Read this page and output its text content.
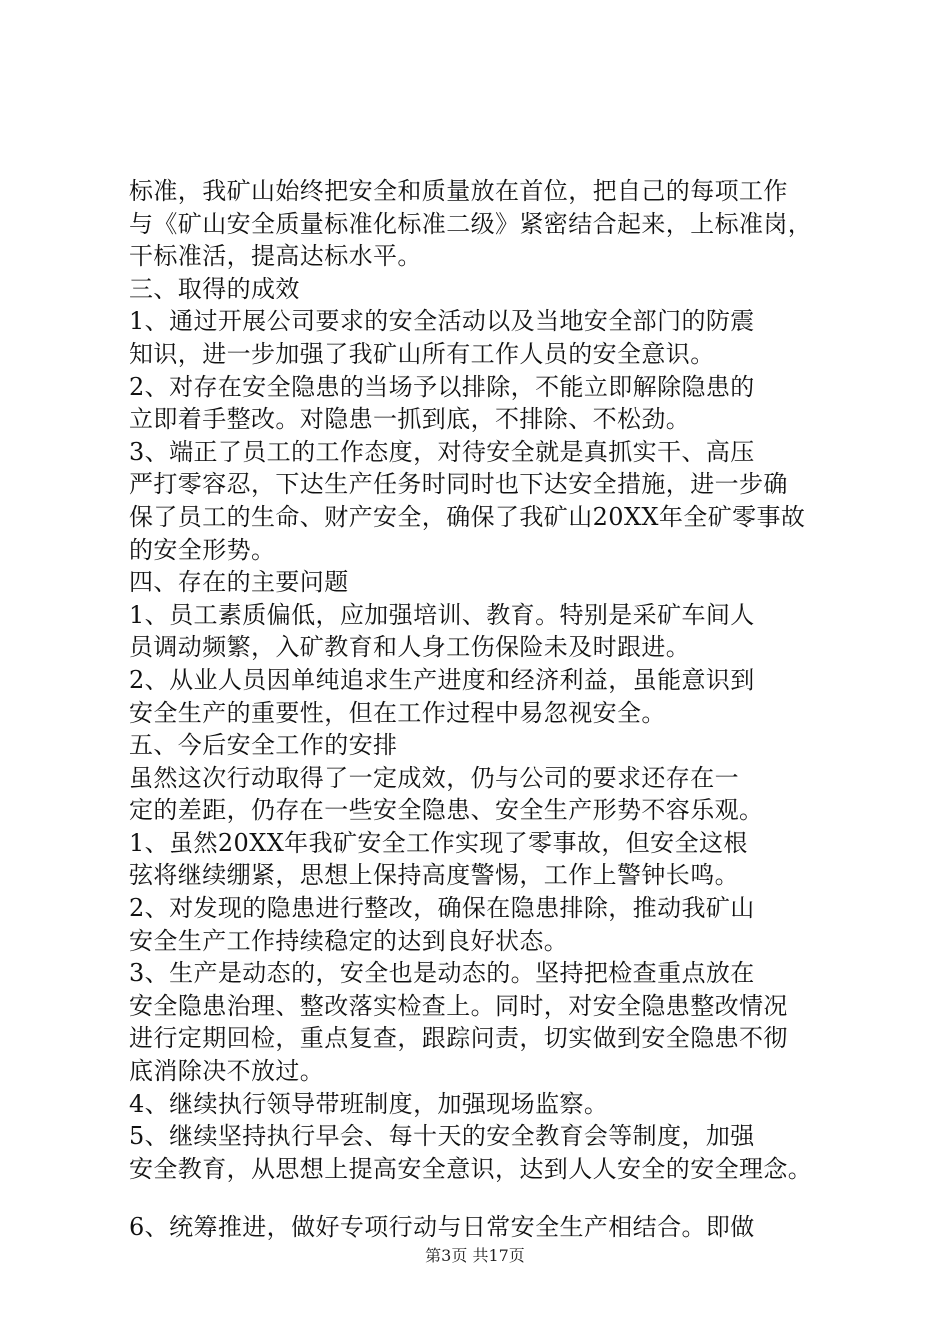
标准，我矿山始终把安全和质量放在首位，把自己的每项工作
与《矿山安全质量标准化标准二级》紧密结合起来，上标准岗，
干标准活，提高达标水平。
三、取得的成效
1、通过开展公司要求的安全活动以及当地安全部门的防震
知识，进一步加强了我矿山所有工作人员的安全意识。
2、对存在安全隐患的当场予以排除，不能立即解除隐患的
立即着手整改。对隐患一抓到底，不排除、不松劲。
3、端正了员工的工作态度，对待安全就是真抓实干、高压
严打零容忍，下达生产任务时同时也下达安全措施，进一步确
保了员工的生命、财产安全，确保了我矿山20XX年全矿零事故
的安全形势。
四、存在的主要问题
1、员工素质偏低，应加强培训、教育。特别是采矿车间人
员调动频繁，入矿教育和人身工伤保险未及时跟进。
2、从业人员因单纯追求生产进度和经济利益，虽能意识到
安全生产的重要性，但在工作过程中易忽视安全。
五、今后安全工作的安排
虽然这次行动取得了一定成效，仍与公司的要求还存在一
定的差距，仍存在一些安全隐患、安全生产形势不容乐观。
1、虽然20XX年我矿安全工作实现了零事故，但安全这根
弦将继续绷紧，思想上保持高度警惕，工作上警钟长鸣。
2、对发现的隐患进行整改，确保在隐患排除，推动我矿山
安全生产工作持续稳定的达到良好状态。
3、生产是动态的，安全也是动态的。坚持把检查重点放在
安全隐患治理、整改落实检查上。同时，对安全隐患整改情况
进行定期回检，重点复查，跟踪问责，切实做到安全隐患不彻
底消除决不放过。
4、继续执行领导带班制度，加强现场监察。
5、继续坚持执行早会、每十天的安全教育会等制度，加强
安全教育，从思想上提高安全意识，达到人人安全的安全理念。
6、统筹推进，做好专项行动与日常安全生产相结合。即做
第3页 共17页
